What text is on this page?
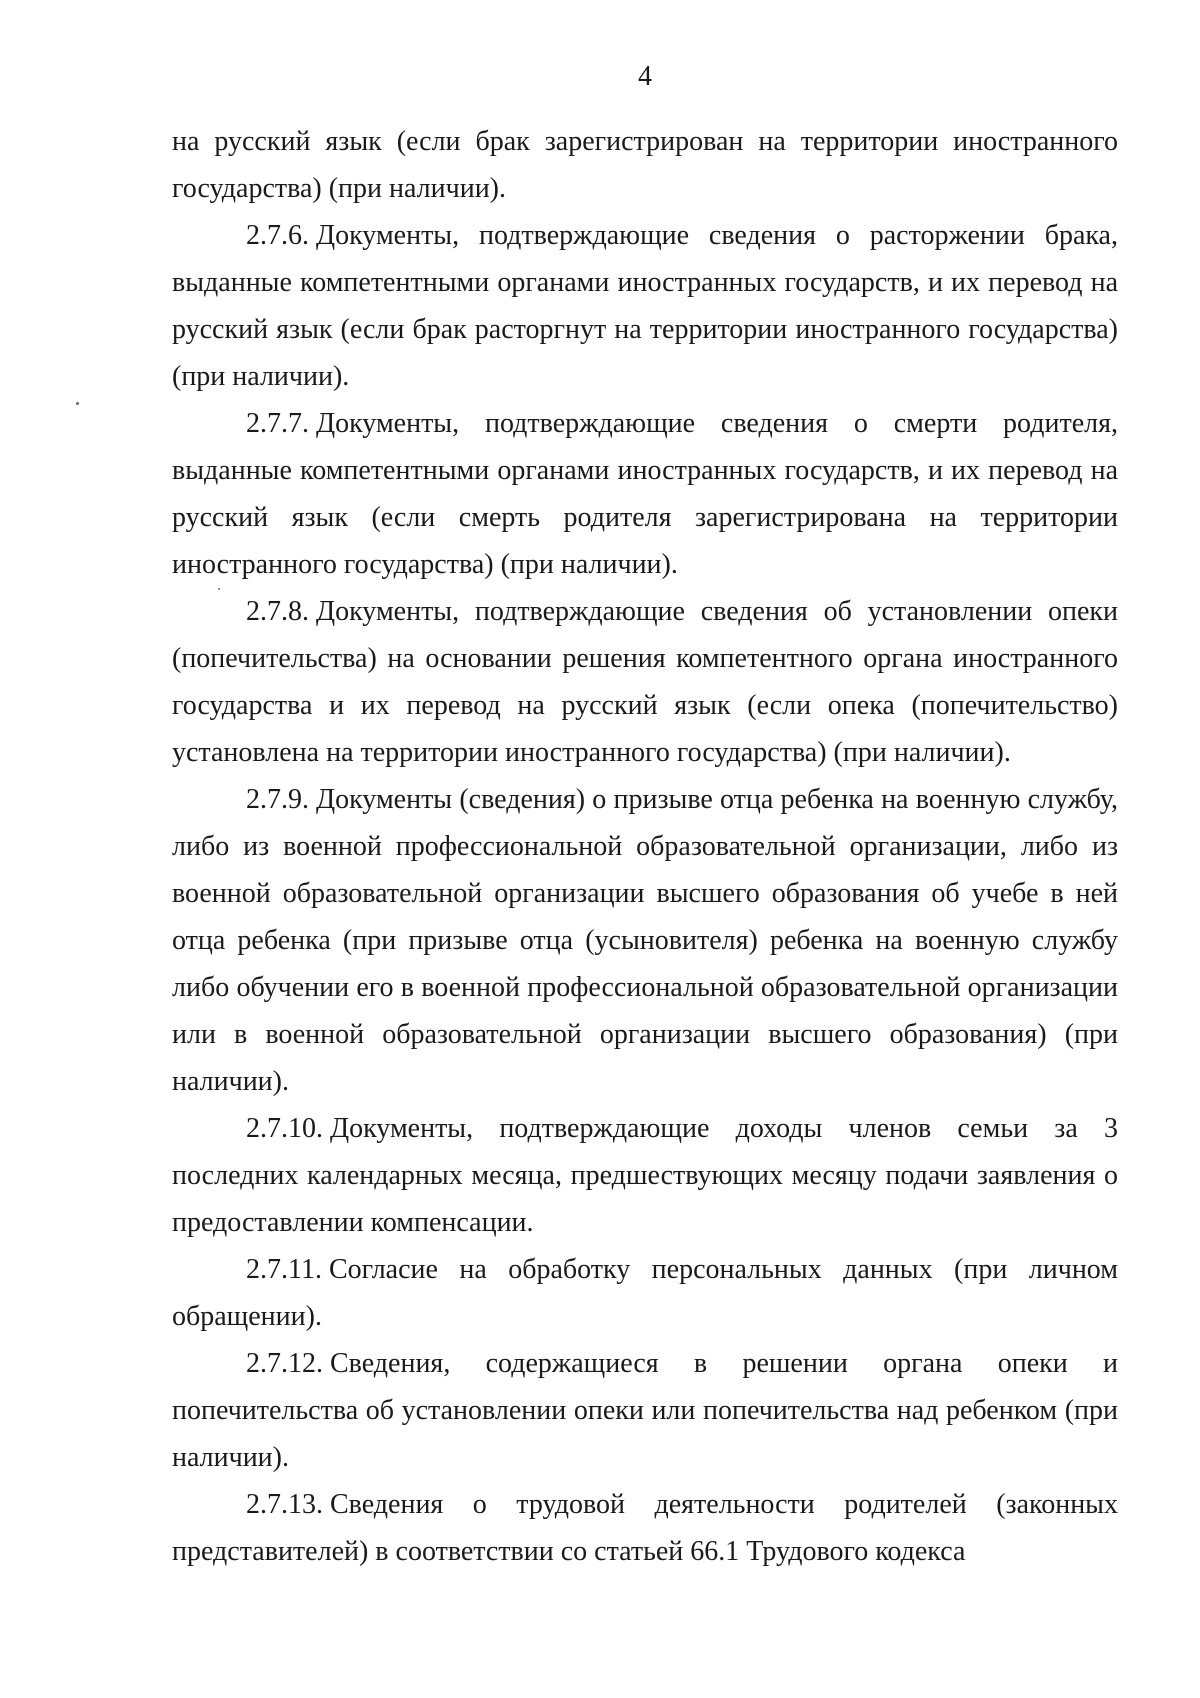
4

на русский язык (если брак зарегистрирован на территории иностранного государства) (при наличии).

2.7.6. Документы, подтверждающие сведения о расторжении брака, выданные компетентными органами иностранных государств, и их перевод на русский язык (если брак расторгнут на территории иностранного государства) (при наличии).

2.7.7. Документы, подтверждающие сведения о смерти родителя, выданные компетентными органами иностранных государств, и их перевод на русский язык (если смерть родителя зарегистрирована на территории иностранного государства) (при наличии).

2.7.8. Документы, подтверждающие сведения об установлении опеки (попечительства) на основании решения компетентного органа иностранного государства и их перевод на русский язык (если опека (попечительство) установлена на территории иностранного государства) (при наличии).

2.7.9. Документы (сведения) о призыве отца ребенка на военную службу, либо из военной профессиональной образовательной организации, либо из военной образовательной организации высшего образования об учебе в ней отца ребенка (при призыве отца (усыновителя) ребенка на военную службу либо обучении его в военной профессиональной образовательной организации или в военной образовательной организации высшего образования) (при наличии).

2.7.10. Документы, подтверждающие доходы членов семьи за 3 последних календарных месяца, предшествующих месяцу подачи заявления о предоставлении компенсации.

2.7.11. Согласие на обработку персональных данных (при личном обращении).

2.7.12. Сведения, содержащиеся в решении органа опеки и попечительства об установлении опеки или попечительства над ребенком (при наличии).

2.7.13. Сведения о трудовой деятельности родителей (законных представителей) в соответствии со статьей 66.1 Трудового кодекса
